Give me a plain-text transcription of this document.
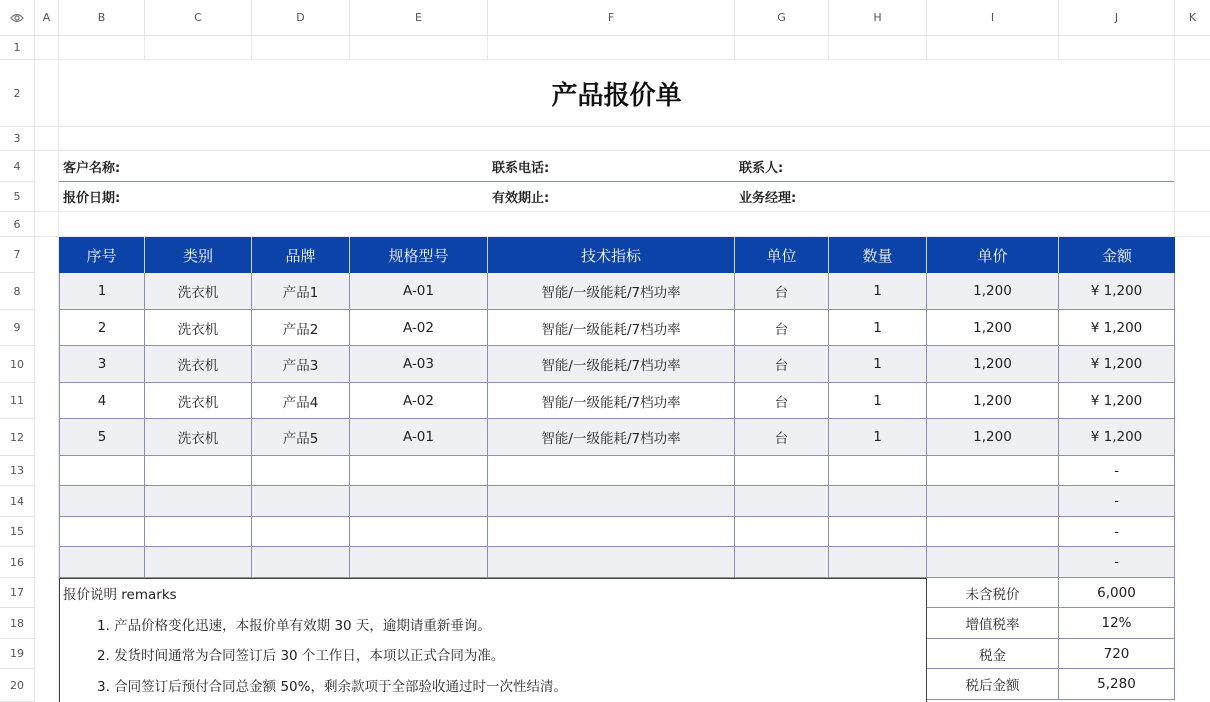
A	B	C	D	E	F	G	H	I	J	K
1
2
3
4
5
6
7
8
9
10
11
12
13
14
15
16
17
18
19
20
产品报价单
客户名称:	联系电话:	联系人:
报价日期:	有效期止:	业务经理:
序号	类别	品牌	规格型号	技术指标	单位	数量	单价	金额
1	洗衣机	产品1	A-01	智能/一级能耗/7档功率	台	1	1,200	¥ 1,200
2	洗衣机	产品2	A-02	智能/一级能耗/7档功率	台	1	1,200	¥ 1,200
3	洗衣机	产品3	A-03	智能/一级能耗/7档功率	台	1	1,200	¥ 1,200
4	洗衣机	产品4	A-02	智能/一级能耗/7档功率	台	1	1,200	¥ 1,200
5	洗衣机	产品5	A-01	智能/一级能耗/7档功率	台	1	1,200	¥ 1,200
-
-
-
-
报价说明 remarks
1. 产品价格变化迅速，本报价单有效期 30 天，逾期请重新垂询。
2. 发货时间通常为合同签订后 30 个工作日，本项以正式合同为准。
3. 合同签订后预付合同总金额 50%，剩余款项于全部验收通过时一次性结清。
未含税价	6,000
增值税率	12%
税金	720
税后金额	5,280
